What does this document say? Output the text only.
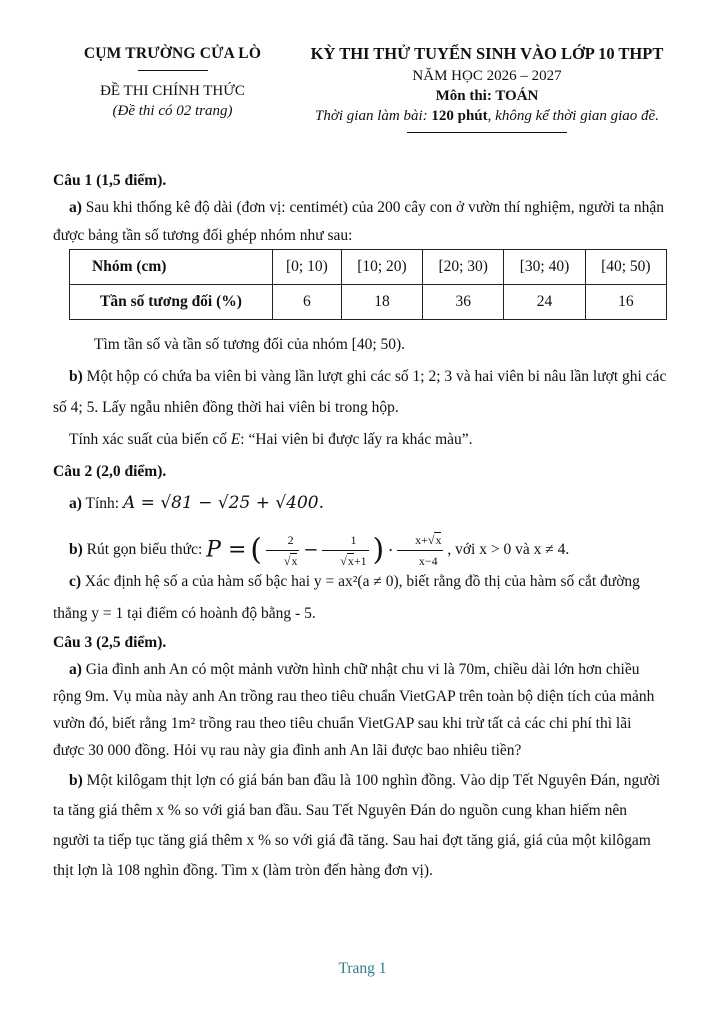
CỤM TRƯỜNG CỬA LÒ
ĐỀ THI CHÍNH THỨC
(Đề thi có 02 trang)
KỲ THI THỬ TUYỂN SINH VÀO LỚP 10 THPT
NĂM HỌC 2026 – 2027
Môn thi: TOÁN
Thời gian làm bài: 120 phút, không kể thời gian giao đề.
Câu 1 (1,5 điểm).
a) Sau khi thống kê độ dài (đơn vị: centimét) của 200 cây con ở vườn thí nghiệm, người ta nhận
được bảng tần số tương đối ghép nhóm như sau:
Nhóm (cm)	[0; 10)	[10; 20)	[20; 30)	[30; 40)	[40; 50)
Tần số tương đối (%)	6	18	36	24	16
Tìm tần số và tần số tương đối của nhóm [40; 50).
b) Một hộp có chứa ba viên bi vàng lần lượt ghi các số 1; 2; 3 và hai viên bi nâu lần lượt ghi các
số 4; 5. Lấy ngẫu nhiên đồng thời hai viên bi trong hộp.
Tính xác suất của biến cố E: “Hai viên bi được lấy ra khác màu”.
Câu 2 (2,0 điểm).
a) Tính: A = √81 − √25 + √400.
b) Rút gọn biểu thức: P = ( $\frac{2}{√x} - \frac{1}{√x+1}$ ) · $\frac{x+√x}{x-4}$ , với x > 0 và x ≠ 4.
c) Xác định hệ số a của hàm số bậc hai y = ax²(a ≠ 0), biết rằng đồ thị của hàm số cắt đường
thẳng y = 1 tại điểm có hoành độ bằng - 5.
Câu 3 (2,5 điểm).
a) Gia đình anh An có một mảnh vườn hình chữ nhật chu vi là 70m, chiều dài lớn hơn chiều
rộng 9m. Vụ mùa này anh An trồng rau theo tiêu chuẩn VietGAP trên toàn bộ diện tích của mảnh
vườn đó, biết rằng 1m² trồng rau theo tiêu chuẩn VietGAP sau khi trừ tất cả các chi phí thì lãi
được 30 000 đồng. Hỏi vụ rau này gia đình anh An lãi được bao nhiêu tiền?
b) Một kilôgam thịt lợn có giá bán ban đầu là 100 nghìn đồng. Vào dịp Tết Nguyên Đán, người
ta tăng giá thêm x % so với giá ban đầu. Sau Tết Nguyên Đán do nguồn cung khan hiếm nên
người ta tiếp tục tăng giá thêm x % so với giá đã tăng. Sau hai đợt tăng giá, giá của một kilôgam
thịt lợn là 108 nghìn đồng. Tìm x (làm tròn đến hàng đơn vị).
Trang 1
